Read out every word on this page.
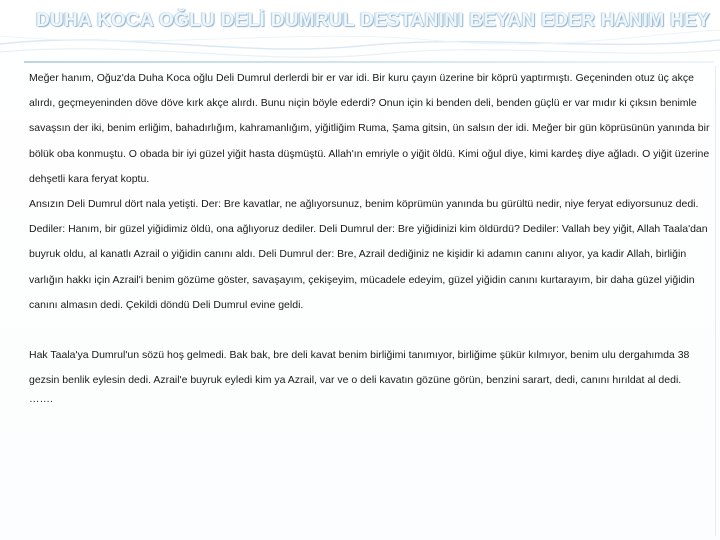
DUHA KOCA OĞLU DELİ DUMRUL DESTANINI BEYAN EDER HANIM HEY

Meğer hanım, Oğuz'da Duha Koca oğlu Deli Dumrul derlerdi bir er var idi. Bir kuru çayın üzerine bir köprü yaptırmıştı. Geçeninden otuz üç akçe alırdı, geçmeyeninden döve döve kırk akçe alırdı. Bunu niçin böyle ederdi? Onun için ki benden deli, benden güçlü er var mıdır ki çıksın benimle savaşsın der iki, benim erliğim, bahadırlığım, kahramanlığım, yiğitliğim Ruma, Şama gitsin, ün salsın der idi. Meğer bir gün köprüsünün yanında bir bölük oba konmuştu. O obada bir iyi güzel yiğit hasta düşmüştü. Allah'ın emriyle o yiğit öldü. Kimi oğul diye, kimi kardeş diye ağladı. O yiğit üzerine dehşetli kara feryat koptu.

Ansızın Deli Dumrul dört nala yetişti. Der: Bre kavatlar, ne ağlıyorsunuz, benim köprümün yanında bu gürültü nedir, niye feryat ediyorsunuz dedi. Dediler: Hanım, bir güzel yiğidimiz öldü, ona ağlıyoruz dediler. Deli Dumrul der: Bre yiğidinizi kim öldürdü? Dediler: Vallah bey yiğit, Allah Taala'dan buyruk oldu, al kanatlı Azrail o yiğidin canını aldı. Deli Dumrul der: Bre, Azrail dediğiniz ne kişidir ki adamın canını alıyor, ya kadir Allah, birliğin varlığın hakkı için Azrail'i benim gözüme göster, savaşayım, çekişeyim, mücadele edeyim, güzel yiğidin canını kurtarayım, bir daha güzel yiğidin canını almasın dedi. Çekildi döndü Deli Dumrul evine geldi.

Hak Taala'ya Dumrul'un sözü hoş gelmedi. Bak bak, bre deli kavat benim birliğimi tanımıyor, birliğime şükür kılmıyor, benim ulu dergahımda 38 gezsin benlik eylesin dedi. Azrail'e buyruk eyledi kim ya Azrail, var ve o deli kavatın gözüne görün, benzini sarart, dedi, canını hırıldat al dedi.

…….
